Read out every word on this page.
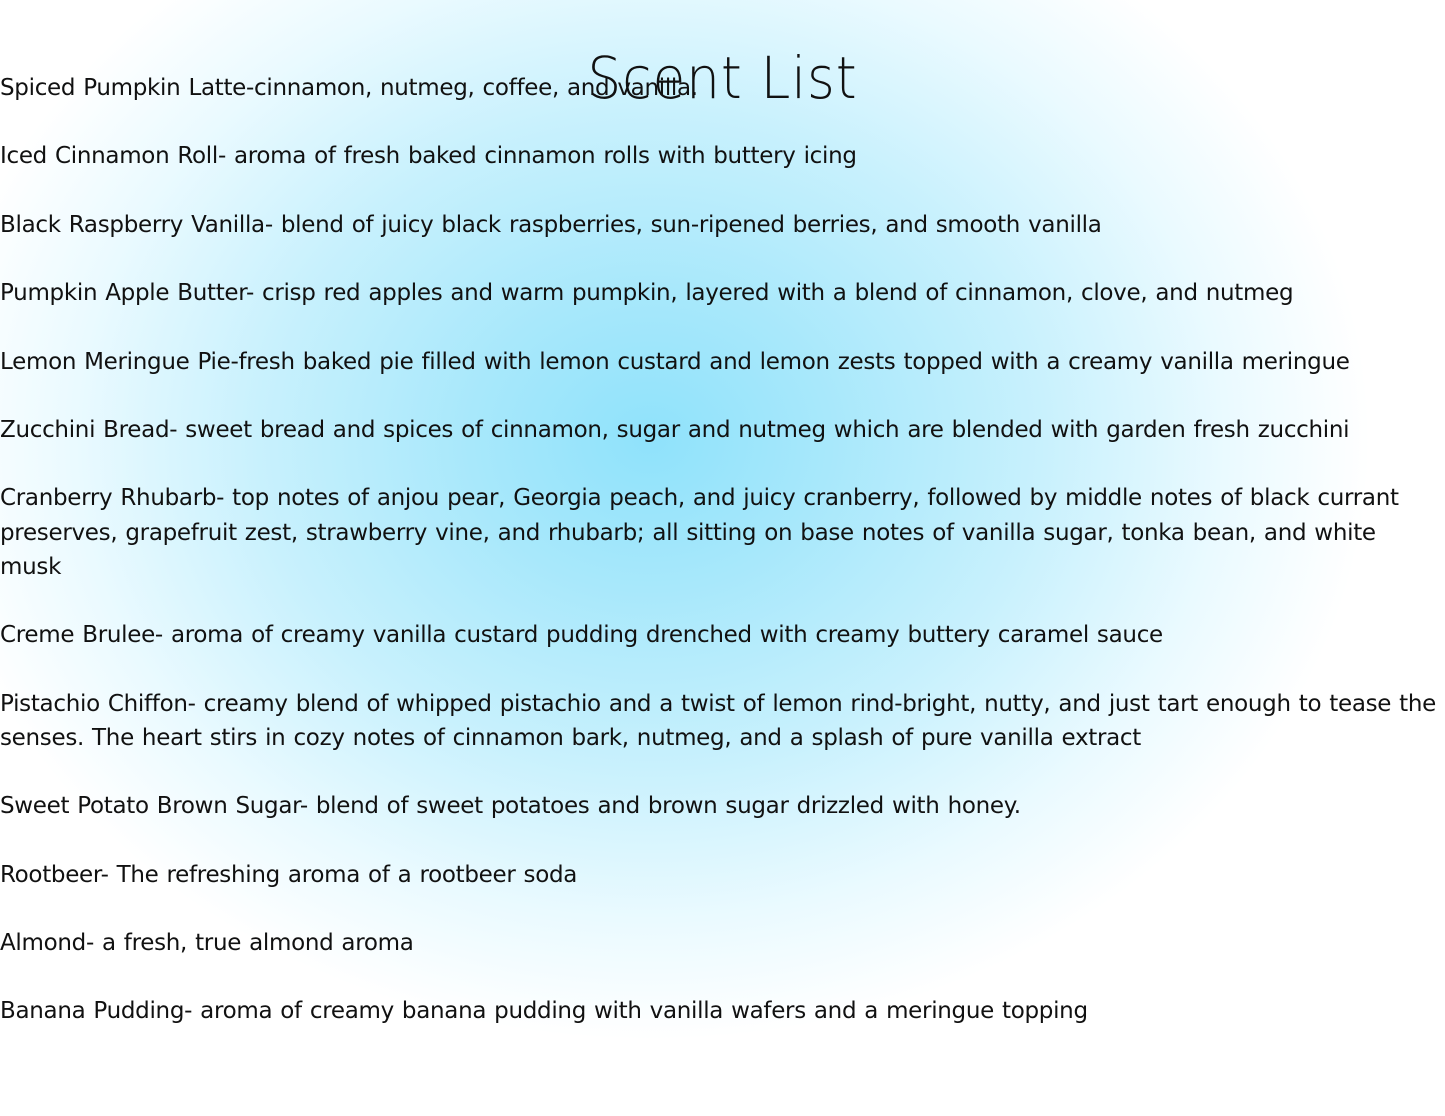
Scent List
Spiced Pumpkin Latte-cinnamon, nutmeg, coffee, and vanilla.
Iced Cinnamon Roll- aroma of fresh baked cinnamon rolls with buttery icing
Black Raspberry Vanilla- blend of juicy black raspberries, sun-ripened berries, and smooth vanilla
Pumpkin Apple Butter- crisp red apples and warm pumpkin, layered with a blend of cinnamon, clove, and nutmeg
Lemon Meringue Pie-fresh baked pie filled with lemon custard and lemon zests topped with a creamy vanilla meringue
Zucchini Bread- sweet bread and spices of cinnamon, sugar and nutmeg which are blended with garden fresh zucchini
Cranberry Rhubarb- top notes of anjou pear, Georgia peach, and juicy cranberry, followed by middle notes of black currant preserves, grapefruit zest, strawberry vine, and rhubarb; all sitting on base notes of vanilla sugar, tonka bean, and white musk
Creme Brulee- aroma of creamy vanilla custard pudding drenched with creamy buttery caramel sauce
Pistachio Chiffon- creamy blend of whipped pistachio and a twist of lemon rind-bright, nutty, and just tart enough to tease the senses. The heart stirs in cozy notes of cinnamon bark, nutmeg, and a splash of pure vanilla extract
Sweet Potato Brown Sugar- blend of sweet potatoes and brown sugar drizzled with honey.
Rootbeer- The refreshing aroma of a rootbeer soda
Almond- a fresh, true almond aroma
Banana Pudding- aroma of creamy banana pudding with vanilla wafers and a meringue topping
